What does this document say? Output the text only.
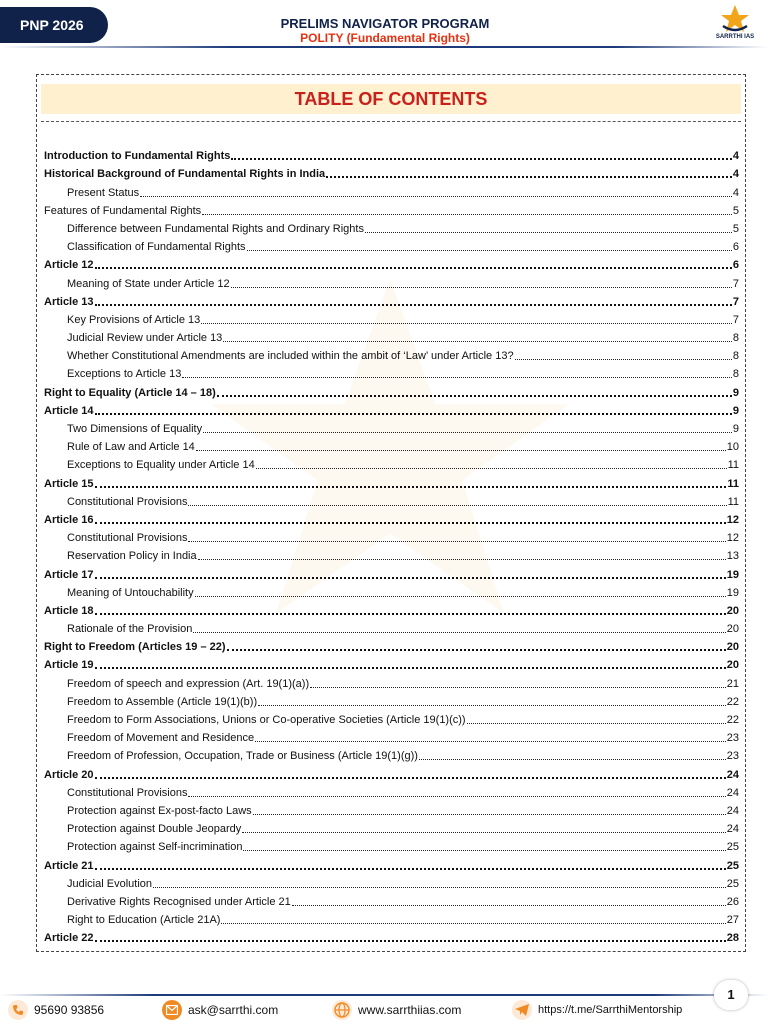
PNP 2026	PRELIMS NAVIGATOR PROGRAM
POLITY (Fundamental Rights)	SARRTHI IAS
TABLE OF CONTENTS
Introduction to Fundamental Rights	4
Historical Background of Fundamental Rights in India	4
Present Status	4
Features of Fundamental Rights	5
Difference between Fundamental Rights and Ordinary Rights	5
Classification of Fundamental Rights	6
Article 12	6
Meaning of State under Article 12	7
Article 13	7
Key Provisions of Article 13	7
Judicial Review under Article 13	8
Whether Constitutional Amendments are included within the ambit of ‘Law’ under Article 13?	8
Exceptions to Article 13	8
Right to Equality (Article 14 – 18)	9
Article 14	9
Two Dimensions of Equality	9
Rule of Law and Article 14	10
Exceptions to Equality under Article 14	11
Article 15	11
Constitutional Provisions	11
Article 16	12
Constitutional Provisions	12
Reservation Policy in India	13
Article 17	19
Meaning of Untouchability	19
Article 18	20
Rationale of the Provision	20
Right to Freedom (Articles 19 – 22)	20
Article 19	20
Freedom of speech and expression (Art. 19(1)(a))	21
Freedom to Assemble (Article 19(1)(b))	22
Freedom to Form Associations, Unions or Co-operative Societies (Article 19(1)(c))	22
Freedom of Movement and Residence	23
Freedom of Profession, Occupation, Trade or Business (Article 19(1)(g))	23
Article 20	24
Constitutional Provisions	24
Protection against Ex-post-facto Laws	24
Protection against Double Jeopardy	24
Protection against Self-incrimination	25
Article 21	25
Judicial Evolution	25
Derivative Rights Recognised under Article 21	26
Right to Education (Article 21A)	27
Article 22	28
1
95690 93856	ask@sarrthi.com	www.sarrthiias.com	https://t.me/SarrthiMentorship
